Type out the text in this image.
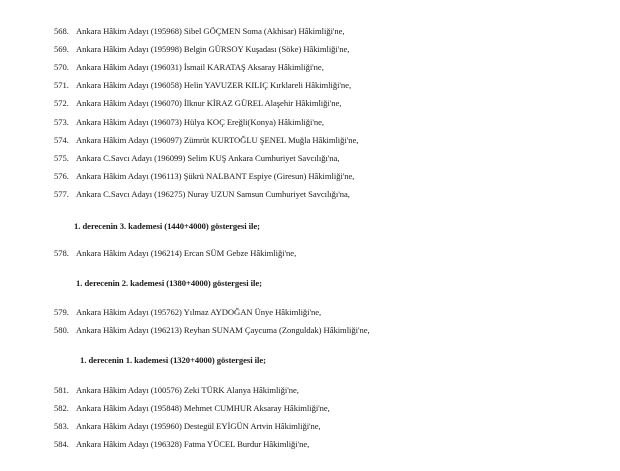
568. Ankara Hâkim Adayı (195968) Sibel GÖÇMEN Soma (Akhisar) Hâkimliği'ne,
569. Ankara Hâkim Adayı (195998) Belgin GÜRSOY Kuşadası (Söke) Hâkimliği'ne,
570. Ankara Hâkim Adayı (196031) İsmail KARATAŞ Aksaray Hâkimliği'ne,
571. Ankara Hâkim Adayı (196058) Helin YAVUZER KILIÇ Kırklareli Hâkimliği'ne,
572. Ankara Hâkim Adayı (196070) İlknur KİRAZ GÜREL Alaşehir Hâkimliği'ne,
573. Ankara Hâkim Adayı (196073) Hülya KOÇ Ereğli(Konya) Hâkimliği'ne,
574. Ankara Hâkim Adayı (196097) Zümrüt KURTOĞLU ŞENEL Muğla Hâkimliği'ne,
575. Ankara C.Savcı Adayı (196099) Selim KUŞ Ankara Cumhuriyet Savcılığı'na,
576. Ankara Hâkim Adayı (196113) Şükrü NALBANT Espiye (Giresun) Hâkimliği'ne,
577. Ankara C.Savcı Adayı (196275) Nuray UZUN Samsun Cumhuriyet Savcılığı'na,
1. derecenin 3. kademesi (1440+4000) göstergesi ile;
578. Ankara Hâkim Adayı (196214) Ercan SÜM Gebze Hâkimliği'ne,
1. derecenin 2. kademesi (1380+4000) göstergesi ile;
579. Ankara Hâkim Adayı (195762) Yılmaz AYDOĞAN Ünye Hâkimliği'ne,
580. Ankara Hâkim Adayı (196213) Reyhan SUNAM Çaycuma (Zonguldak) Hâkimliği'ne,
1. derecenin 1. kademesi (1320+4000) göstergesi ile;
581. Ankara Hâkim Adayı (100576) Zeki TÜRK Alanya Hâkimliği'ne,
582. Ankara Hâkim Adayı (195848) Mehmet CUMHUR Aksaray Hâkimliği'ne,
583. Ankara Hâkim Adayı (195960) Destegül EYİGÜN Artvin Hâkimliği'ne,
584. Ankara Hâkim Adayı (196328) Fatma YÜCEL Burdur Hâkimliği'ne,
